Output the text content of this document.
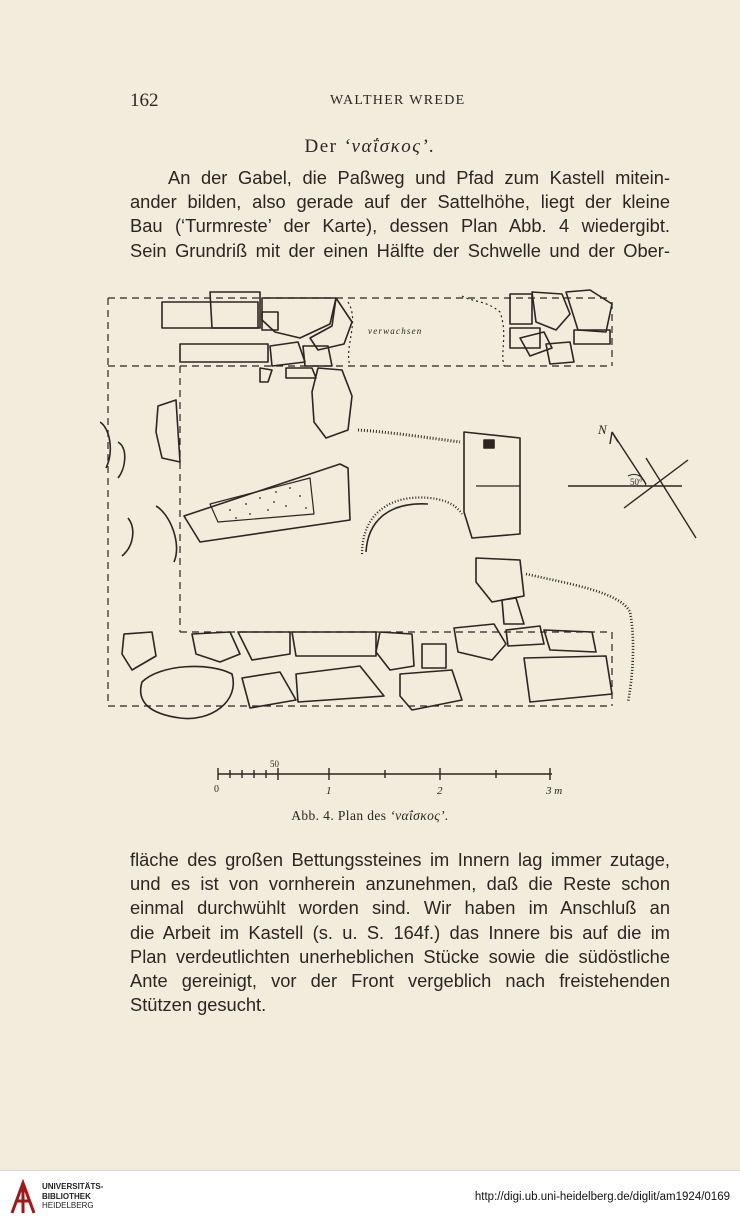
162	WALTHER WREDE
Der ‘ναΐσκος’.

An der Gabel, die Paßweg und Pfad zum Kastell mitein-
ander bilden, also gerade auf der Sattelhöhe, liegt der kleine
Bau (‘Turmreste’ der Karte), dessen Plan Abb. 4 wiedergibt.
Sein Grundriß mit der einen Hälfte der Schwelle und der Ober-

verwachsen
N
50°
50
0	1	2	3 m
Abb. 4. Plan des ‘ναΐσκος’.

fläche des großen Bettungssteines im Innern lag immer zutage,
und es ist von vornherein anzunehmen, daß die Reste schon
einmal durchwühlt worden sind. Wir haben im Anschluß an
die Arbeit im Kastell (s. u. S. 164f.) das Innere bis auf die im
Plan verdeutlichten unerheblichen Stücke sowie die südöstliche
Ante gereinigt, vor der Front vergeblich nach freistehenden
Stützen gesucht.

UNIVERSITÄTS-
BIBLIOTHEK
HEIDELBERG
http://digi.ub.uni-heidelberg.de/diglit/am1924/0169
